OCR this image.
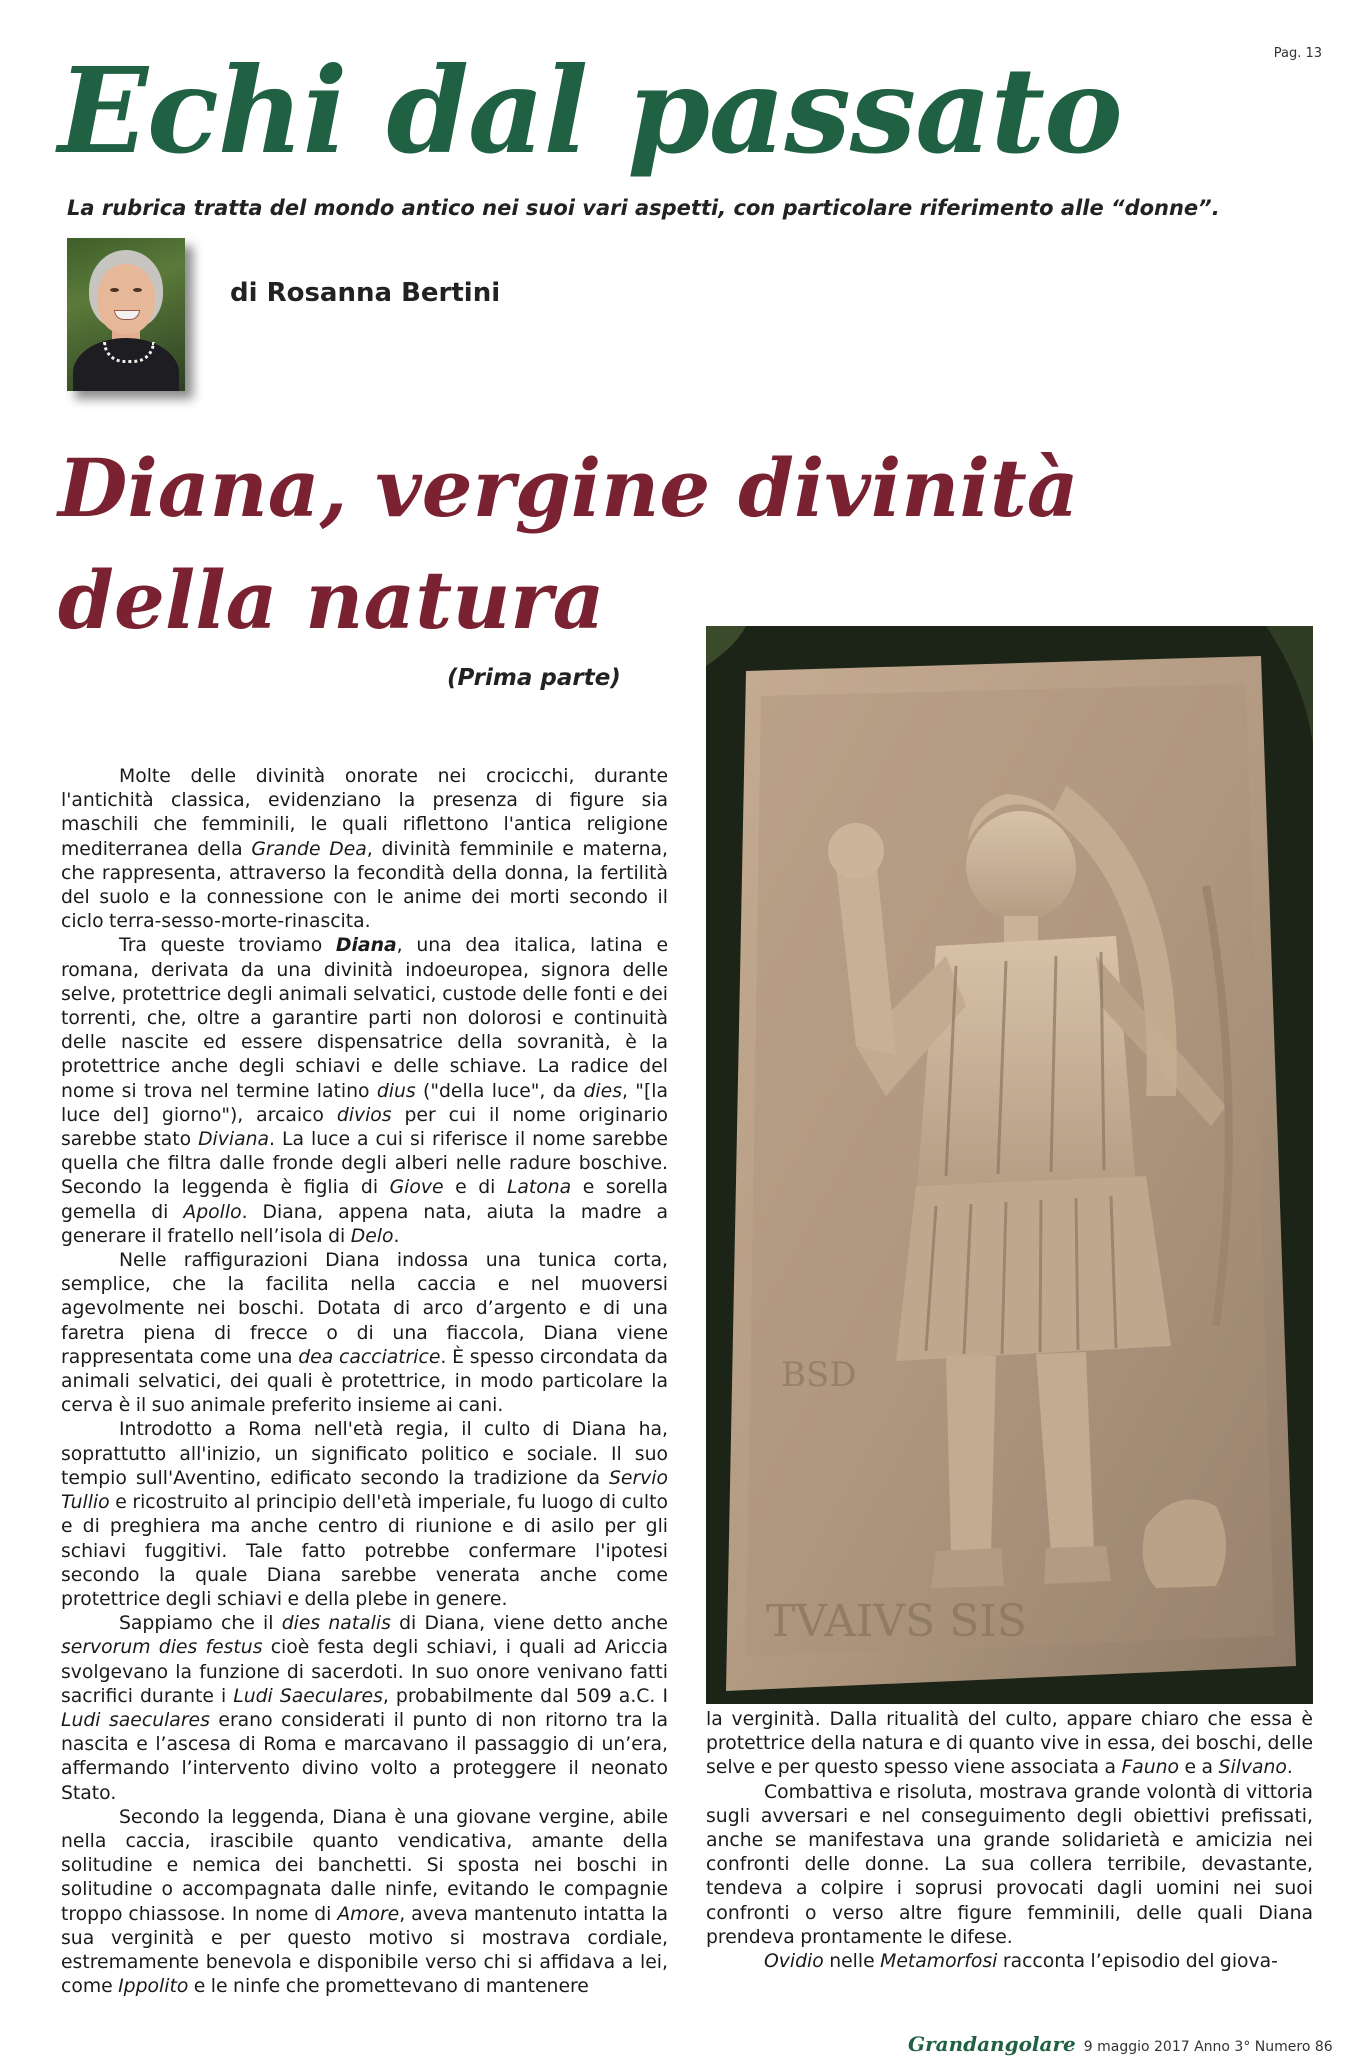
Pag. 13
Echi dal passato
La rubrica tratta del mondo antico nei suoi vari aspetti, con particolare riferimento alle “donne”.
di Rosanna Bertini
Diana, vergine divinità della natura
(Prima parte)
TVAIVS SIS
BSD

Molte delle divinità onorate nei crocicchi, durante l'antichità classica, evidenziano la presenza di figure sia maschili che femminili, le quali riflettono l'antica religione mediterranea della Grande Dea, divinità femminile e materna, che rappresenta, attraverso la fecondità della donna, la fertilità del suolo e la connessione con le anime dei morti secondo il ciclo terra-sesso-morte-rinascita.

Tra queste troviamo Diana, una dea italica, latina e romana, derivata da una divinità indoeuropea, signora delle selve, protettrice degli animali selvatici, custode delle fonti e dei torrenti, che, oltre a garantire parti non dolorosi e continuità delle nascite ed essere dispensatrice della sovranità, è la protettrice anche degli schiavi e delle schiave. La radice del nome si trova nel termine latino dius ("della luce", da dies, "[la luce del] giorno"), arcaico divios per cui il nome originario sarebbe stato Diviana. La luce a cui si riferisce il nome sarebbe quella che filtra dalle fronde degli alberi nelle radure boschive. Secondo la leggenda è figlia di Giove e di Latona e sorella gemella di Apollo. Diana, appena nata, aiuta la madre a generare il fratello nell’isola di Delo.

Nelle raffigurazioni Diana indossa una tunica corta, semplice, che la facilita nella caccia e nel muoversi agevolmente nei boschi. Dotata di arco d’argento e di una faretra piena di frecce o di una fiaccola, Diana viene rappresentata come una dea cacciatrice. È spesso circondata da animali selvatici, dei quali è protettrice, in modo particolare la cerva è il suo animale preferito insieme ai cani.

Introdotto a Roma nell'età regia, il culto di Diana ha, soprattutto all'inizio, un significato politico e sociale. Il suo tempio sull'Aventino, edificato secondo la tradizione da Servio Tullio e ricostruito al principio dell'età imperiale, fu luogo di culto e di preghiera ma anche centro di riunione e di asilo per gli schiavi fuggitivi. Tale fatto potrebbe confermare l'ipotesi secondo la quale Diana sarebbe venerata anche come protettrice degli schiavi e della plebe in genere.

Sappiamo che il dies natalis di Diana, viene detto anche servorum dies festus cioè festa degli schiavi, i quali ad Ariccia svolgevano la funzione di sacerdoti. In suo onore venivano fatti sacrifici durante i Ludi Saeculares, probabilmente dal 509 a.C. I Ludi saeculares erano considerati il punto di non ritorno tra la nascita e l’ascesa di Roma e marcavano il passaggio di un’era, affermando l’intervento divino volto a proteggere il neonato Stato.

Secondo la leggenda, Diana è una giovane vergine, abile nella caccia, irascibile quanto vendicativa, amante della solitudine e nemica dei banchetti. Si sposta nei boschi in solitudine o accompagnata dalle ninfe, evitando le compagnie troppo chiassose. In nome di Amore, aveva mantenuto intatta la sua verginità e per questo motivo si mostrava cordiale, estremamente benevola e disponibile verso chi si affidava a lei, come Ippolito e le ninfe che promettevano di mantenere

la verginità. Dalla ritualità del culto, appare chiaro che essa è protettrice della natura e di quanto vive in essa, dei boschi, delle selve e per questo spesso viene associata a Fauno e a Silvano.

Combattiva e risoluta, mostrava grande volontà di vittoria sugli avversari e nel conseguimento degli obiettivi prefissati, anche se manifestava una grande solidarietà e amicizia nei confronti delle donne. La sua collera terribile, devastante, tendeva a colpire i soprusi provocati dagli uomini nei suoi confronti o verso altre figure femminili, delle quali Diana prendeva prontamente le difese.

Ovidio nelle Metamorfosi racconta l’episodio del giova-

Grandangolare 9 maggio 2017 Anno 3° Numero 86
